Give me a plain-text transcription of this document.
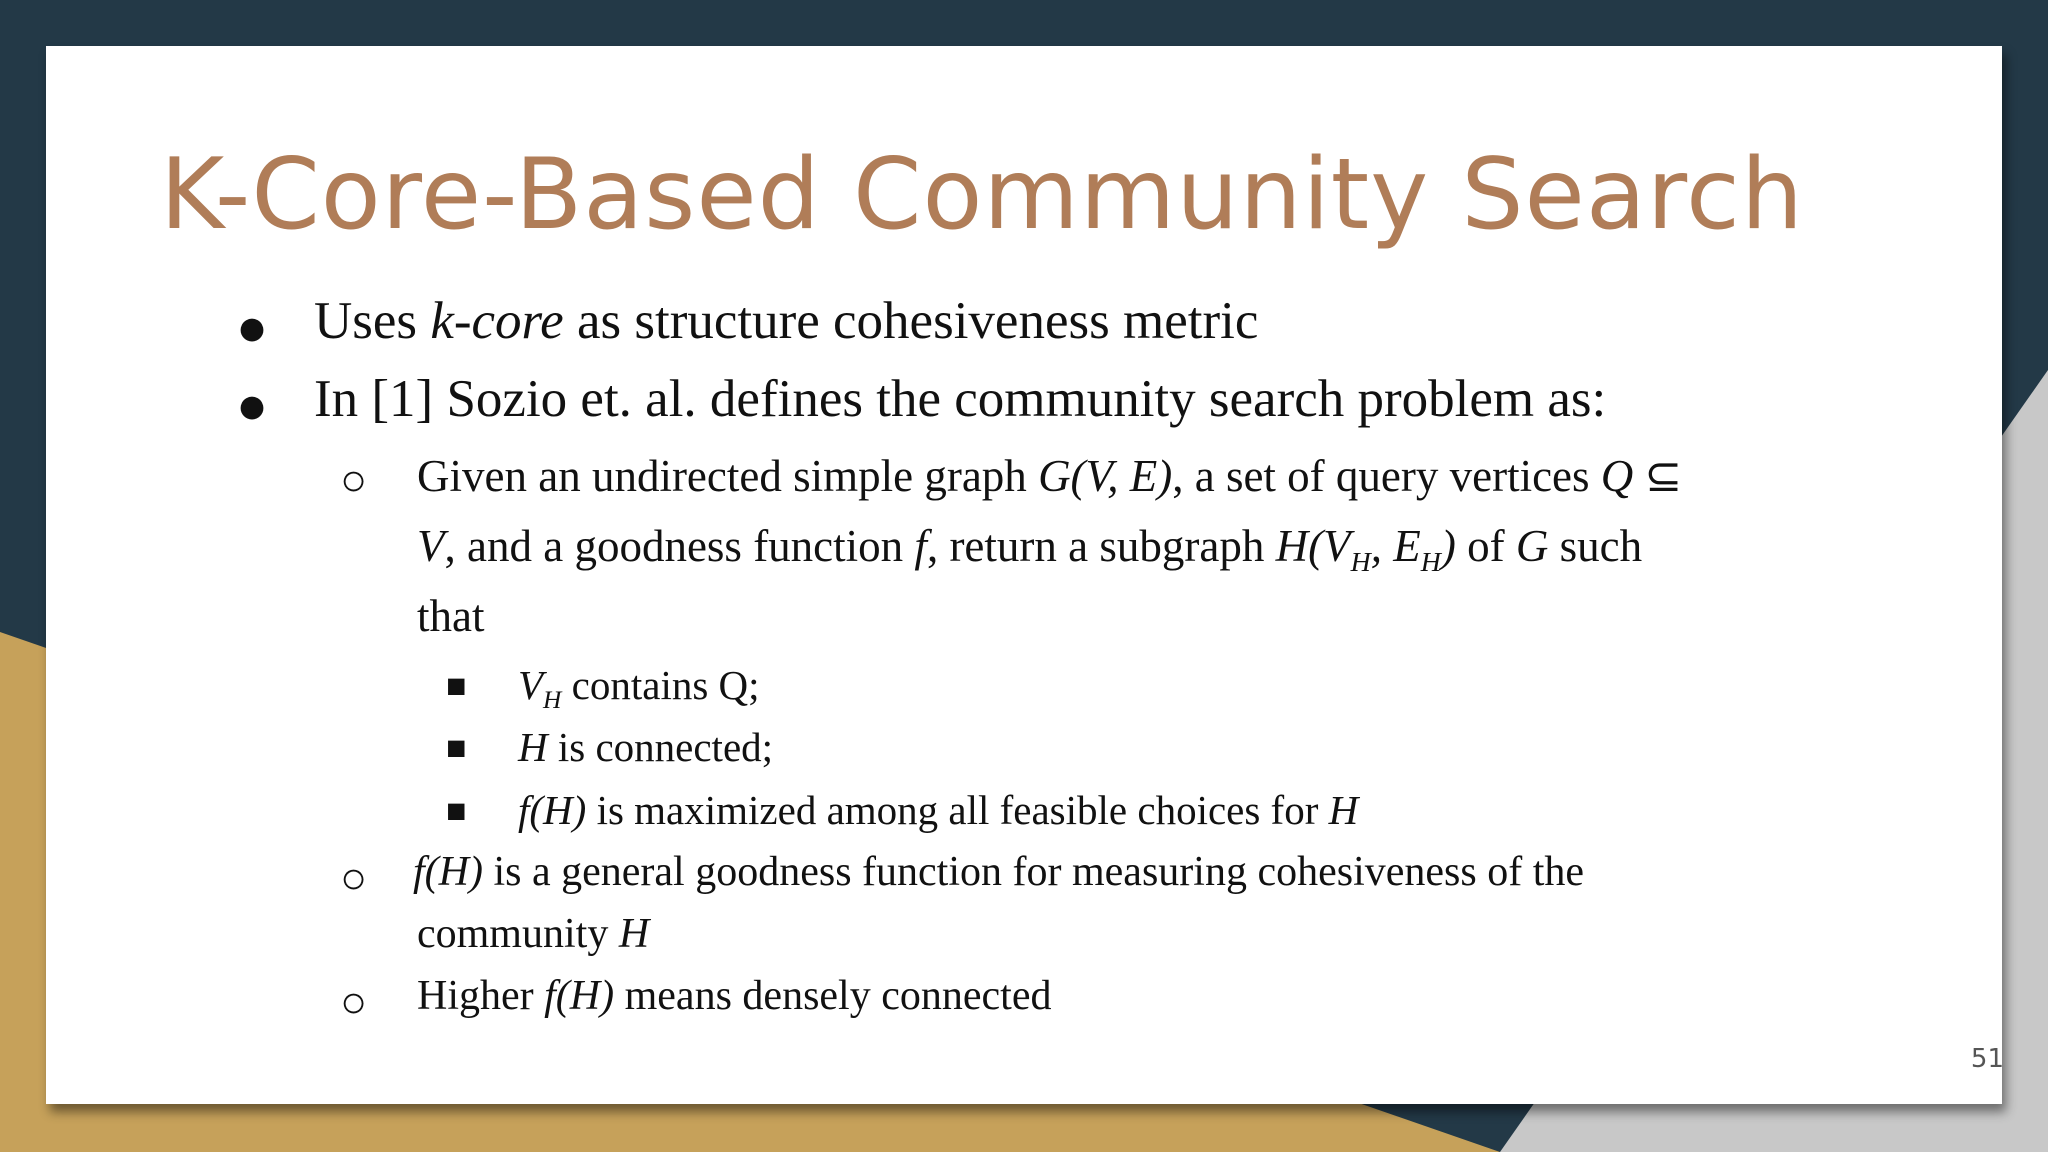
K-Core-Based Community Search
● Uses k-core as structure cohesiveness metric
● In [1] Sozio et. al. defines the community search problem as:
○ Given an undirected simple graph G(V, E), a set of query vertices Q ⊆
V, and a goodness function f, return a subgraph $H(V_H$, $E_H$) of G such
that
■ $V_H$ contains Q;
■ H is connected;
■ f(H) is maximized among all feasible choices for H
○ f(H) is a general goodness function for measuring cohesiveness of the
community H
○ Higher f(H) means densely connected
51
